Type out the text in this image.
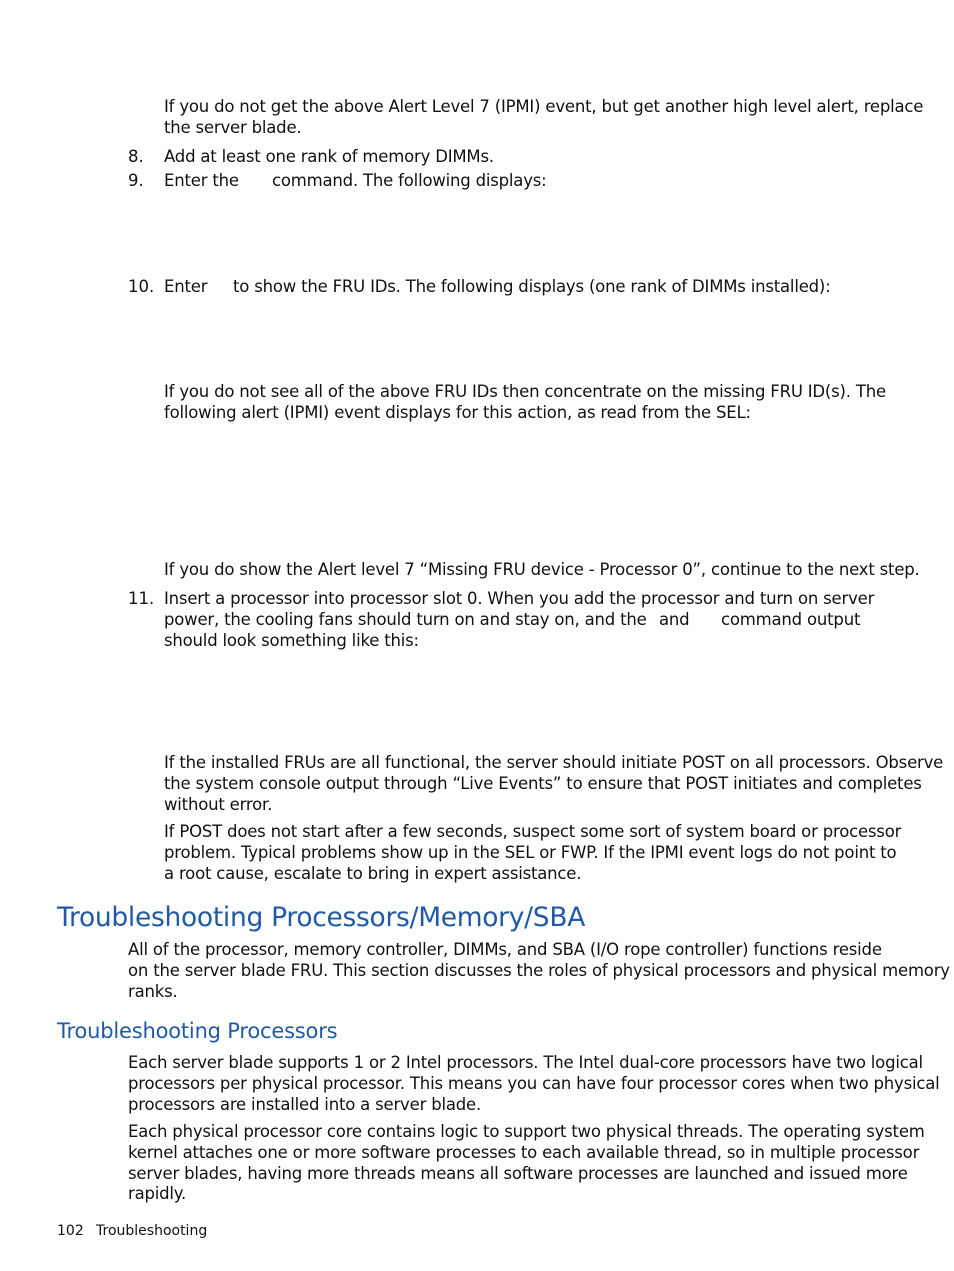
If you do not get the above Alert Level 7 (IPMI) event, but get another high level alert, replace
the server blade.
8. Add at least one rank of memory DIMMs.
9. Enter the command. The following displays:
10. Enter to show the FRU IDs. The following displays (one rank of DIMMs installed):
If you do not see all of the above FRU IDs then concentrate on the missing FRU ID(s). The
following alert (IPMI) event displays for this action, as read from the SEL:
If you do show the Alert level 7 “Missing FRU device - Processor 0”, continue to the next step.
11. Insert a processor into processor slot 0. When you add the processor and turn on server
power, the cooling fans should turn on and stay on, and the and command output
should look something like this:
If the installed FRUs are all functional, the server should initiate POST on all processors. Observe
the system console output through “Live Events” to ensure that POST initiates and completes
without error.
If POST does not start after a few seconds, suspect some sort of system board or processor
problem. Typical problems show up in the SEL or FWP. If the IPMI event logs do not point to
a root cause, escalate to bring in expert assistance.
Troubleshooting Processors/Memory/SBA
All of the processor, memory controller, DIMMs, and SBA (I/O rope controller) functions reside
on the server blade FRU. This section discusses the roles of physical processors and physical memory
ranks.
Troubleshooting Processors
Each server blade supports 1 or 2 Intel processors. The Intel dual-core processors have two logical
processors per physical processor. This means you can have four processor cores when two physical
processors are installed into a server blade.
Each physical processor core contains logic to support two physical threads. The operating system
kernel attaches one or more software processes to each available thread, so in multiple processor
server blades, having more threads means all software processes are launched and issued more
rapidly.
102 Troubleshooting
